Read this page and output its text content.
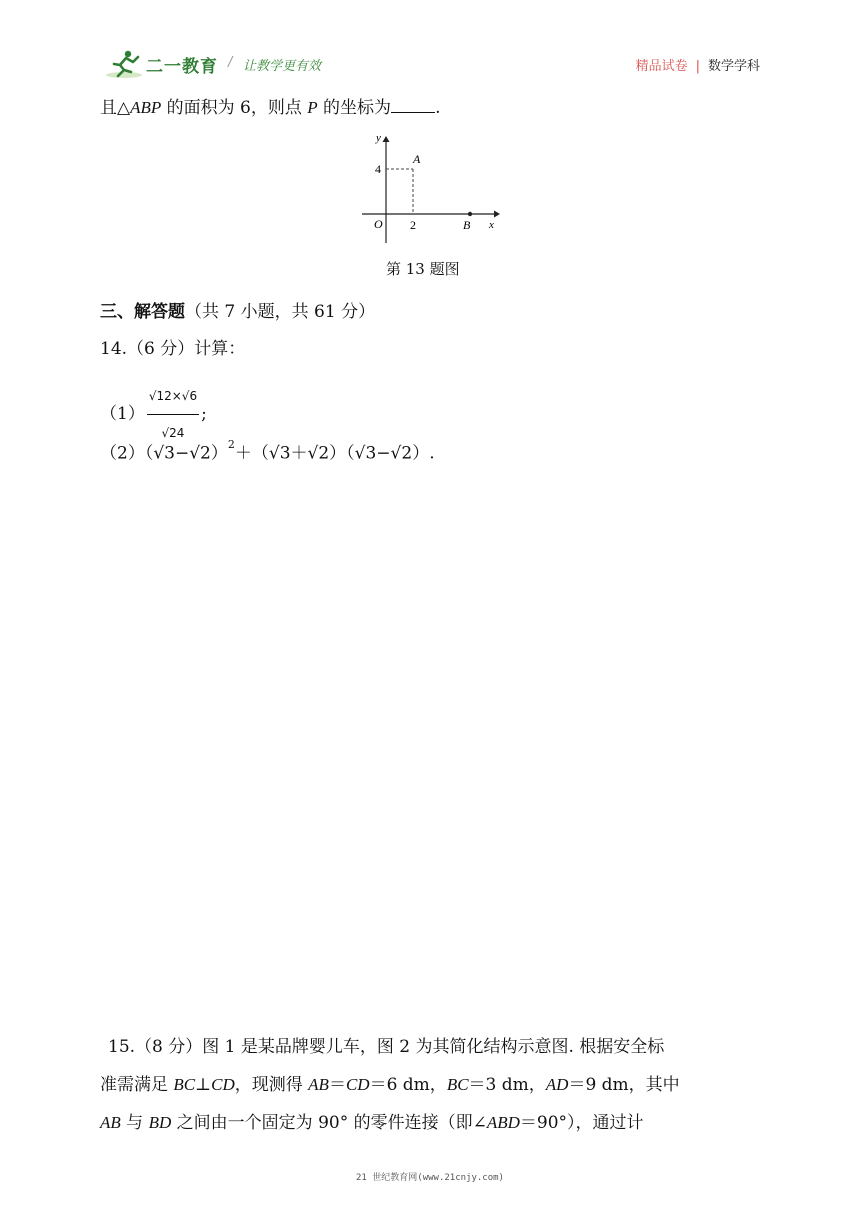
二一教育 / 让教学更有效	精品试卷 | 数学学科
且△ABP 的面积为 6，则点 P 的坐标为	.
y
x
O
4
2
A
B
第 13 题图
三、解答题（共 7 小题，共 61 分）
14.（6 分）计算：
$(1) \frac{√12\times√6}{√24}$ ;
$(2)(√3-√2)^2+(√3+√2)(√3-√2)$.
15.（8 分）图 1 是某品牌婴儿车，图 2 为其简化结构示意图. 根据安全标
准需满足 BC⊥CD，现测得 AB＝CD＝6 dm，BC＝3 dm，AD＝9 dm，其中
AB 与 BD 之间由一个固定为 90° 的零件连接（即∠ABD＝90°），通过计
21 世纪教育网(www.21cnjy.com)
